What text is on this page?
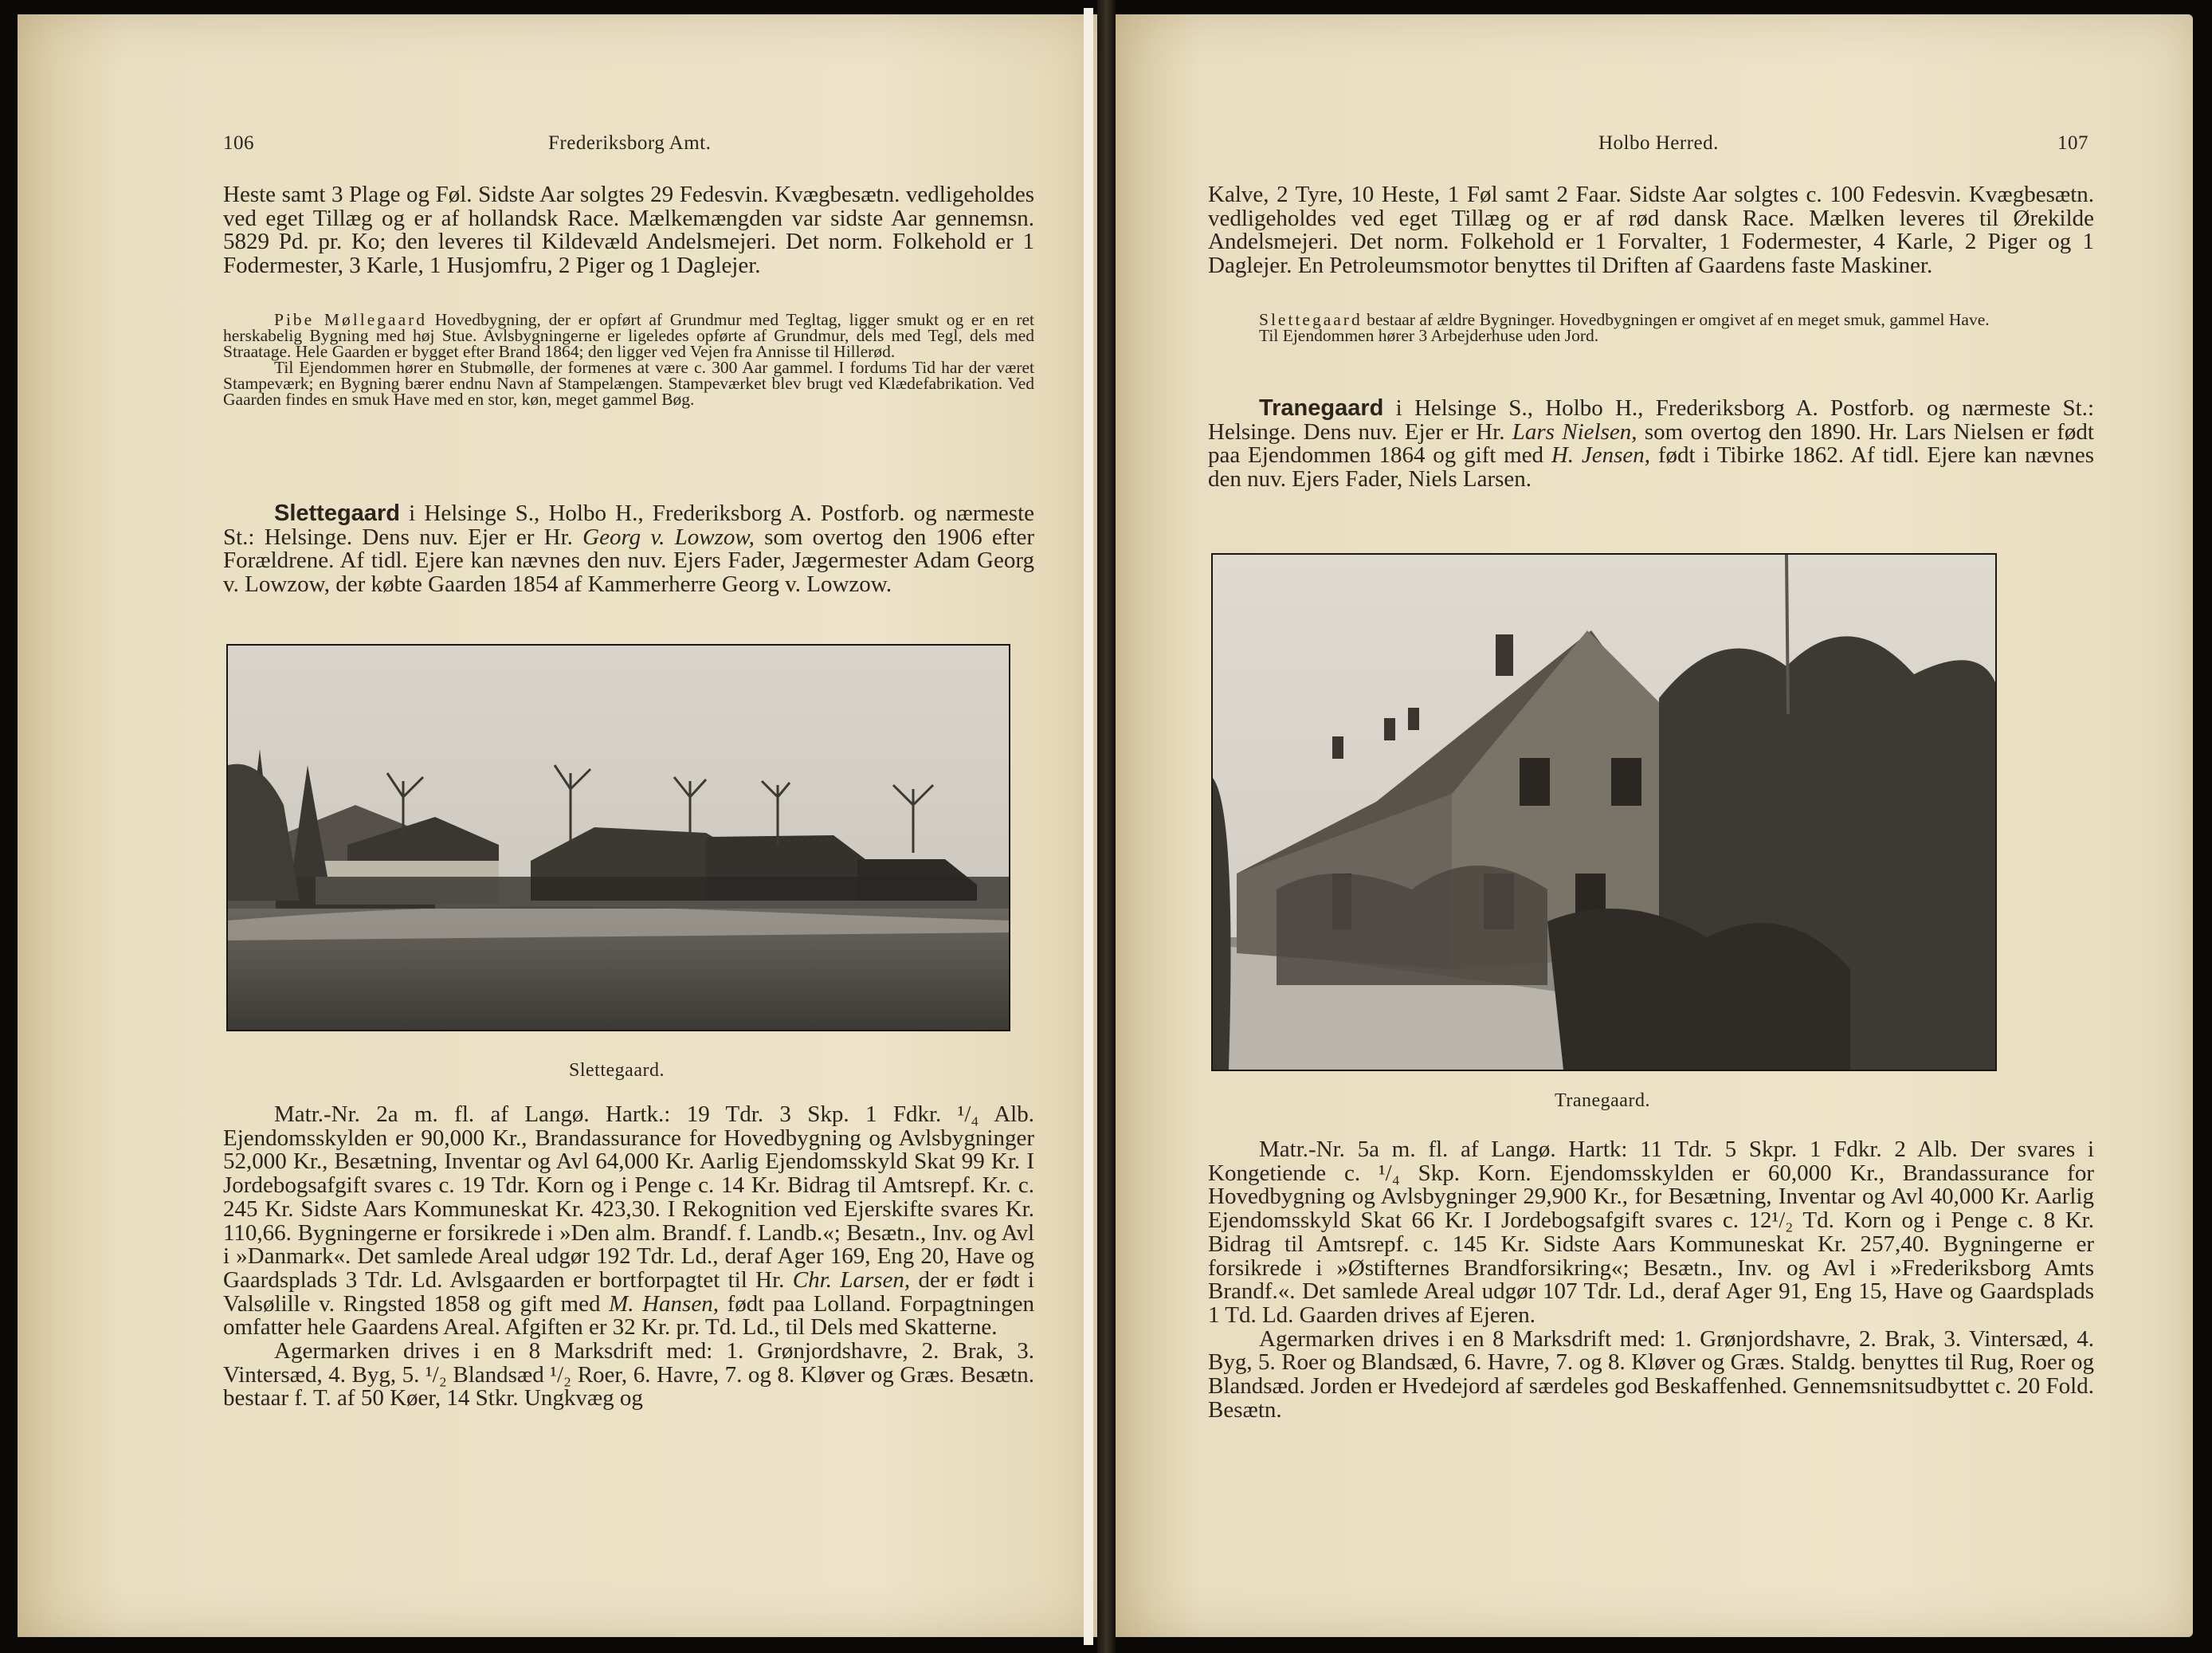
106	Frederiksborg Amt.

Heste samt 3 Plage og Føl. Sidste Aar solgtes 29 Fedesvin. Kvægbesætn. vedligeholdes ved eget Tillæg og er af hollandsk Race. Mælkemængden var sidste Aar gennemsn. 5829 Pd. pr. Ko; den leveres til Kildevæld Andelsmejeri. Det norm. Folkehold er 1 Fodermester, 3 Karle, 1 Husjomfru, 2 Piger og 1 Daglejer.

Pibe Møllegaard Hovedbygning, der er opført af Grundmur med Tegltag, ligger smukt og er en ret herskabelig Bygning med høj Stue. Avlsbygningerne er ligeledes opførte af Grundmur, dels med Tegl, dels med Straatage. Hele Gaarden er bygget efter Brand 1864; den ligger ved Vejen fra Annisse til Hillerød.

Til Ejendommen hører en Stubmølle, der formenes at være c. 300 Aar gammel. I fordums Tid har der været Stampeværk; en Bygning bærer endnu Navn af Stampelængen. Stampeværket blev brugt ved Klædefabrikation. Ved Gaarden findes en smuk Have med en stor, køn, meget gammel Bøg.

Slettegaard i Helsinge S., Holbo H., Frederiksborg A. Postforb. og nærmeste St.: Helsinge. Dens nuv. Ejer er Hr. Georg v. Lowzow, som overtog den 1906 efter Forældrene. Af tidl. Ejere kan nævnes den nuv. Ejers Fader, Jægermester Adam Georg v. Lowzow, der købte Gaarden 1854 af Kammerherre Georg v. Lowzow.

Slettegaard.

Matr.-Nr. 2a m. fl. af Langø. Hartk.: 19 Tdr. 3 Skp. 1 Fdkr. ¹/₄ Alb. Ejendomsskylden er 90,000 Kr., Brandassurance for Hovedbygning og Avlsbygninger 52,000 Kr., Besætning, Inventar og Avl 64,000 Kr. Aarlig Ejendomsskyld Skat 99 Kr. I Jordebogsafgift svares c. 19 Tdr. Korn og i Penge c. 14 Kr. Bidrag til Amtsrepf. Kr. c. 245 Kr. Sidste Aars Kommuneskat Kr. 423,30. I Rekognition ved Ejerskifte svares Kr. 110,66. Bygningerne er forsikrede i »Den alm. Brandf. f. Landb.«; Besætn., Inv. og Avl i »Danmark«. Det samlede Areal udgør 192 Tdr. Ld., deraf Ager 169, Eng 20, Have og Gaardsplads 3 Tdr. Ld. Avlsgaarden er bortforpagtet til Hr. Chr. Larsen, der er født i Valsølille v. Ringsted 1858 og gift med M. Hansen, født paa Lolland. Forpagtningen omfatter hele Gaardens Areal. Afgiften er 32 Kr. pr. Td. Ld., til Dels med Skatterne.

Agermarken drives i en 8 Marksdrift med: 1. Grønjordshavre, 2. Brak, 3. Vintersæd, 4. Byg, 5. ¹/₂ Blandsæd ¹/₂ Roer, 6. Havre, 7. og 8. Kløver og Græs. Besætn. bestaar f. T. af 50 Køer, 14 Stkr. Ungkvæg og

Holbo Herred.	107

Kalve, 2 Tyre, 10 Heste, 1 Føl samt 2 Faar. Sidste Aar solgtes c. 100 Fedesvin. Kvægbesætn. vedligeholdes ved eget Tillæg og er af rød dansk Race. Mælken leveres til Ørekilde Andelsmejeri. Det norm. Folkehold er 1 Forvalter, 1 Fodermester, 4 Karle, 2 Piger og 1 Daglejer. En Petroleumsmotor benyttes til Driften af Gaardens faste Maskiner.

Slettegaard bestaar af ældre Bygninger. Hovedbygningen er omgivet af en meget smuk, gammel Have.

Til Ejendommen hører 3 Arbejderhuse uden Jord.

Tranegaard i Helsinge S., Holbo H., Frederiksborg A. Postforb. og nærmeste St.: Helsinge. Dens nuv. Ejer er Hr. Lars Nielsen, som overtog den 1890. Hr. Lars Nielsen er født paa Ejendommen 1864 og gift med H. Jensen, født i Tibirke 1862. Af tidl. Ejere kan nævnes den nuv. Ejers Fader, Niels Larsen.

Tranegaard.

Matr.-Nr. 5a m. fl. af Langø. Hartk: 11 Tdr. 5 Skpr. 1 Fdkr. 2 Alb. Der svares i Kongetiende c. ¹/₄ Skp. Korn. Ejendomsskylden er 60,000 Kr., Brandassurance for Hovedbygning og Avlsbygninger 29,900 Kr., for Besætning, Inventar og Avl 40,000 Kr. Aarlig Ejendomsskyld Skat 66 Kr. I Jordebogsafgift svares c. 12¹/₂ Td. Korn og i Penge c. 8 Kr. Bidrag til Amtsrepf. c. 145 Kr. Sidste Aars Kommuneskat Kr. 257,40. Bygningerne er forsikrede i »Østifternes Brandforsikring«; Besætn., Inv. og Avl i »Frederiksborg Amts Brandf.«. Det samlede Areal udgør 107 Tdr. Ld., deraf Ager 91, Eng 15, Have og Gaardsplads 1 Td. Ld. Gaarden drives af Ejeren.

Agermarken drives i en 8 Marksdrift med: 1. Grønjordshavre, 2. Brak, 3. Vintersæd, 4. Byg, 5. Roer og Blandsæd, 6. Havre, 7. og 8. Kløver og Græs. Staldg. benyttes til Rug, Roer og Blandsæd. Jorden er Hvedejord af særdeles god Beskaffenhed. Gennemsnitsudbyttet c. 20 Fold. Besætn.
